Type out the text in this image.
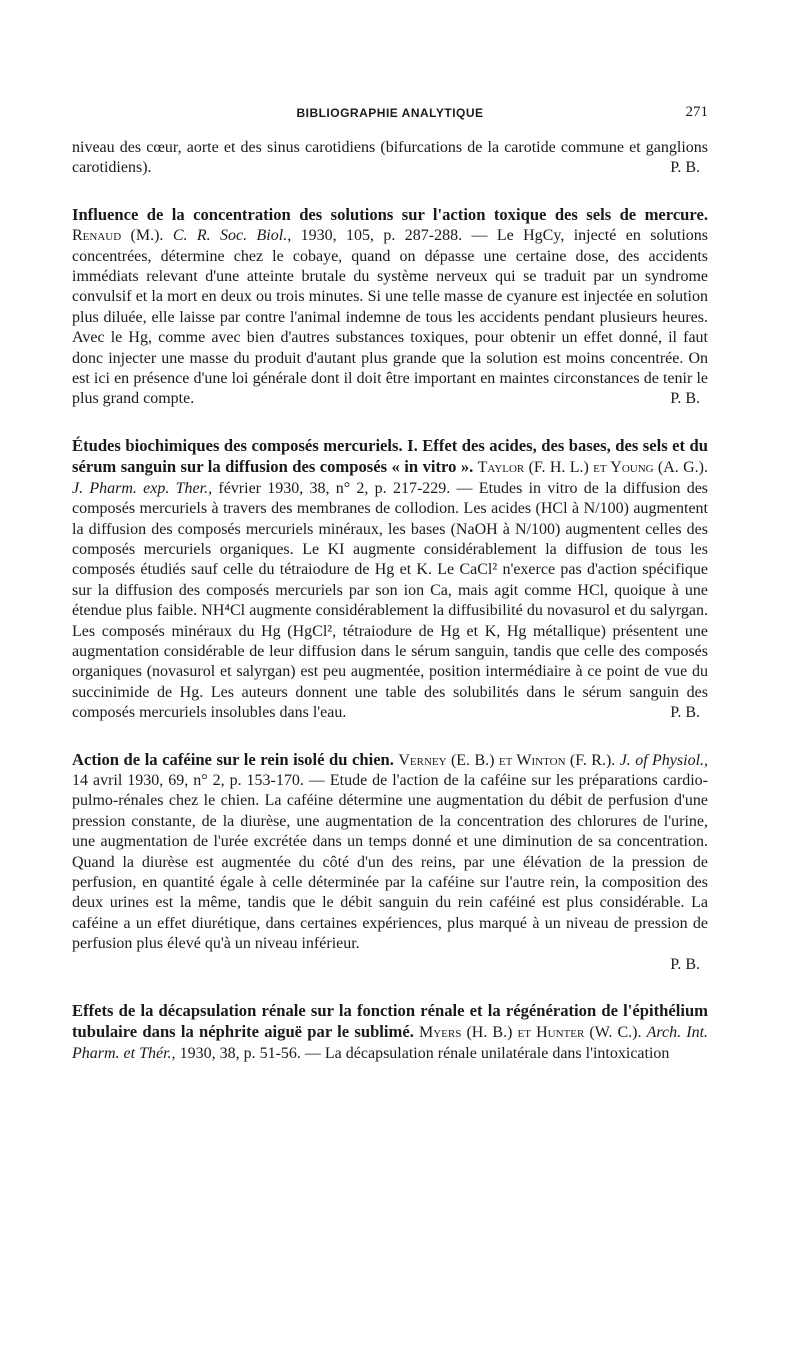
BIBLIOGRAPHIE ANALYTIQUE	271

niveau des cœur, aorte et des sinus carotidiens (bifurcations de la carotide commune et ganglions carotidiens).	P. B.

Influence de la concentration des solutions sur l'action toxique des sels de mercure. Renaud (M.). C. R. Soc. Biol., 1930, 105, p. 287-288. — Le HgCy, injecté en solutions concentrées, détermine chez le cobaye, quand on dépasse une certaine dose, des accidents immédiats relevant d'une atteinte brutale du système nerveux qui se traduit par un syndrome convulsif et la mort en deux ou trois minutes. Si une telle masse de cyanure est injectée en solution plus diluée, elle laisse par contre l'animal indemne de tous les accidents pendant plusieurs heures. Avec le Hg, comme avec bien d'autres substances toxiques, pour obtenir un effet donné, il faut donc injecter une masse du produit d'autant plus grande que la solution est moins concentrée. On est ici en présence d'une loi générale dont il doit être important en maintes circonstances de tenir le plus grand compte.	P. B.

Études biochimiques des composés mercuriels. I. Effet des acides, des bases, des sels et du sérum sanguin sur la diffusion des composés « in vitro ». Taylor (F. H. L.) et Young (A. G.). J. Pharm. exp. Ther., février 1930, 38, n° 2, p. 217-229. — Etudes in vitro de la diffusion des composés mercuriels à travers des membranes de collodion. Les acides (HCl à N/100) augmentent la diffusion des composés mercuriels minéraux, les bases (NaOH à N/100) augmentent celles des composés mercuriels organiques. Le KI augmente considérablement la diffusion de tous les composés étudiés sauf celle du tétraiodure de Hg et K. Le CaCl² n'exerce pas d'action spécifique sur la diffusion des composés mercuriels par son ion Ca, mais agit comme HCl, quoique à une étendue plus faible. NH⁴Cl augmente considérablement la diffusibilité du novasurol et du salyrgan. Les composés minéraux du Hg (HgCl², tétraiodure de Hg et K, Hg métallique) présentent une augmentation considérable de leur diffusion dans le sérum sanguin, tandis que celle des composés organiques (novasurol et salyrgan) est peu augmentée, position intermédiaire à ce point de vue du succinimide de Hg. Les auteurs donnent une table des solubilités dans le sérum sanguin des composés mercuriels insolubles dans l'eau.	P. B.

Action de la caféine sur le rein isolé du chien. Verney (E. B.) et Winton (F. R.). J. of Physiol., 14 avril 1930, 69, n° 2, p. 153-170. — Etude de l'action de la caféine sur les préparations cardio-pulmo-rénales chez le chien. La caféine détermine une augmentation du débit de perfusion d'une pression constante, de la diurèse, une augmentation de la concentration des chlorures de l'urine, une augmentation de l'urée excrétée dans un temps donné et une diminution de sa concentration. Quand la diurèse est augmentée du côté d'un des reins, par une élévation de la pression de perfusion, en quantité égale à celle déterminée par la caféine sur l'autre rein, la composition des deux urines est la même, tandis que le débit sanguin du rein caféiné est plus considérable. La caféine a un effet diurétique, dans certaines expériences, plus marqué à un niveau de pression de perfusion plus élevé qu'à un niveau inférieur.

P. B.

Effets de la décapsulation rénale sur la fonction rénale et la régénération de l'épithélium tubulaire dans la néphrite aiguë par le sublimé. Myers (H. B.) et Hunter (W. C.). Arch. Int. Pharm. et Thér., 1930, 38, p. 51-56. — La décapsulation rénale unilatérale dans l'intoxication
